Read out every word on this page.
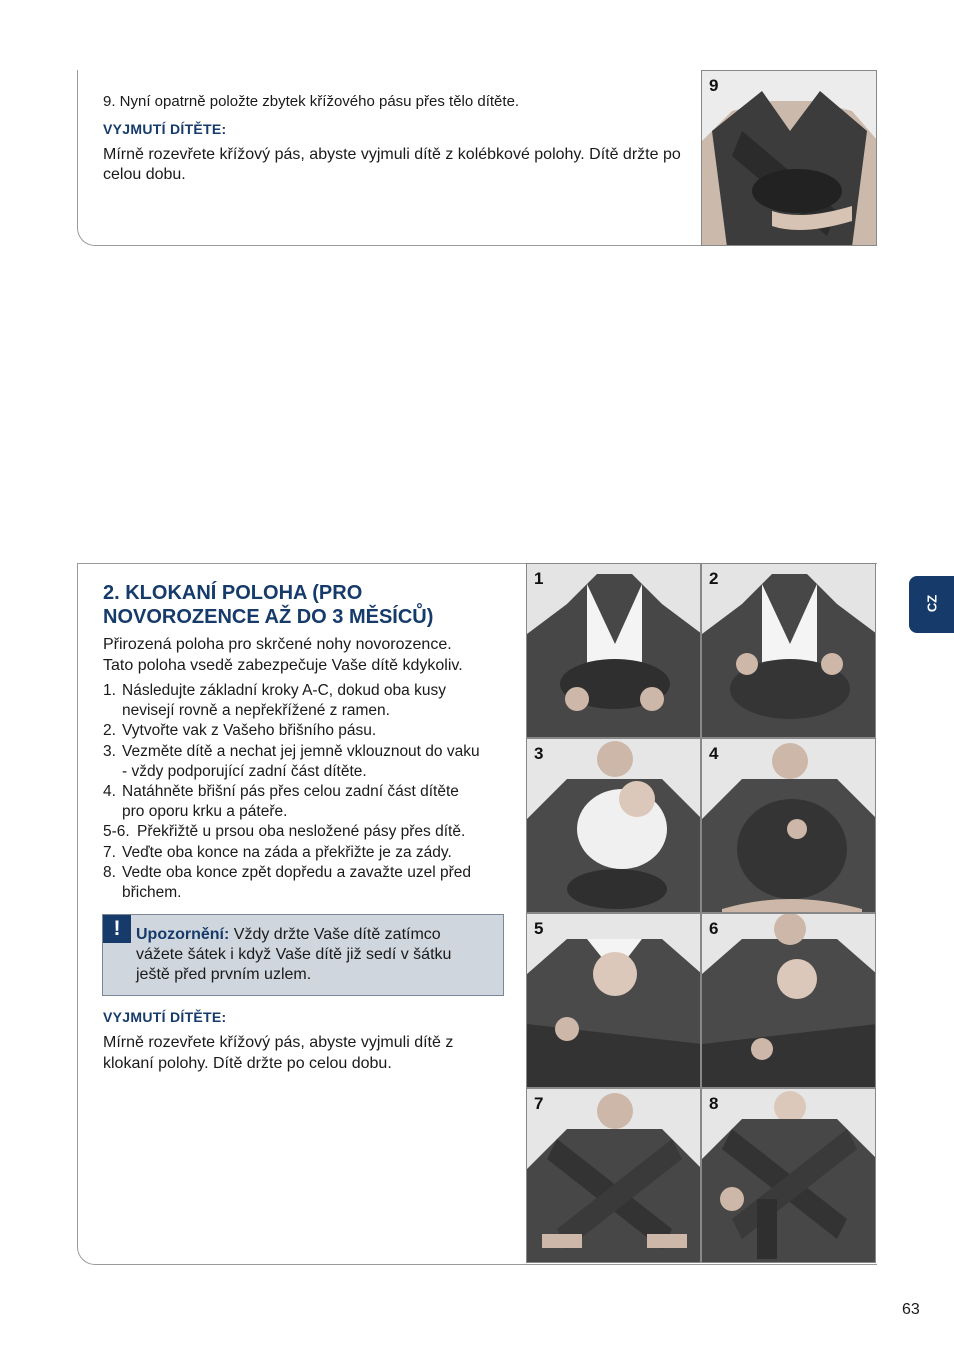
9. Nyní opatrně položte zbytek křížového pásu přes tělo dítěte.
VYJMUTÍ DÍTĚTE:
Mírně rozevřete křížový pás, abyste vyjmuli dítě z kolébkové polohy. Dítě držte po celou dobu.
9
2. KLOKANÍ POLOHA (PRO
NOVOROZENCE AŽ DO 3 MĚSÍCŮ)
Přirozená poloha pro skrčené nohy novorozence.
Tato poloha vsedě zabezpečuje Vaše dítě kdykoliv.
1. Následujte základní kroky A-C, dokud oba kusy
nevisejí rovně a nepřekřížené z ramen.
2. Vytvořte vak z Vašeho břišního pásu.
3. Vezměte dítě a nechat jej jemně vklouznout do vaku
- vždy podporující zadní část dítěte.
4. Natáhněte břišní pás přes celou zadní část dítěte
pro oporu krku a páteře.
5-6. Překřižtě u prsou oba nesložené pásy přes dítě.
7. Veďte oba konce na záda a překřižte je za zády.
8. Vedte oba konce zpět dopředu a zavažte uzel před
břichem.
! Upozornění: Vždy držte Vaše dítě zatímco
vážete šátek i když Vaše dítě již sedí v šátku
ještě před prvním uzlem.
VYJMUTÍ DÍTĚTE:
Mírně rozevřete křížový pás, abyste vyjmuli dítě z
klokaní polohy. Dítě držte po celou dobu.
1	2
3	4
5	6
7	8
CZ
63
